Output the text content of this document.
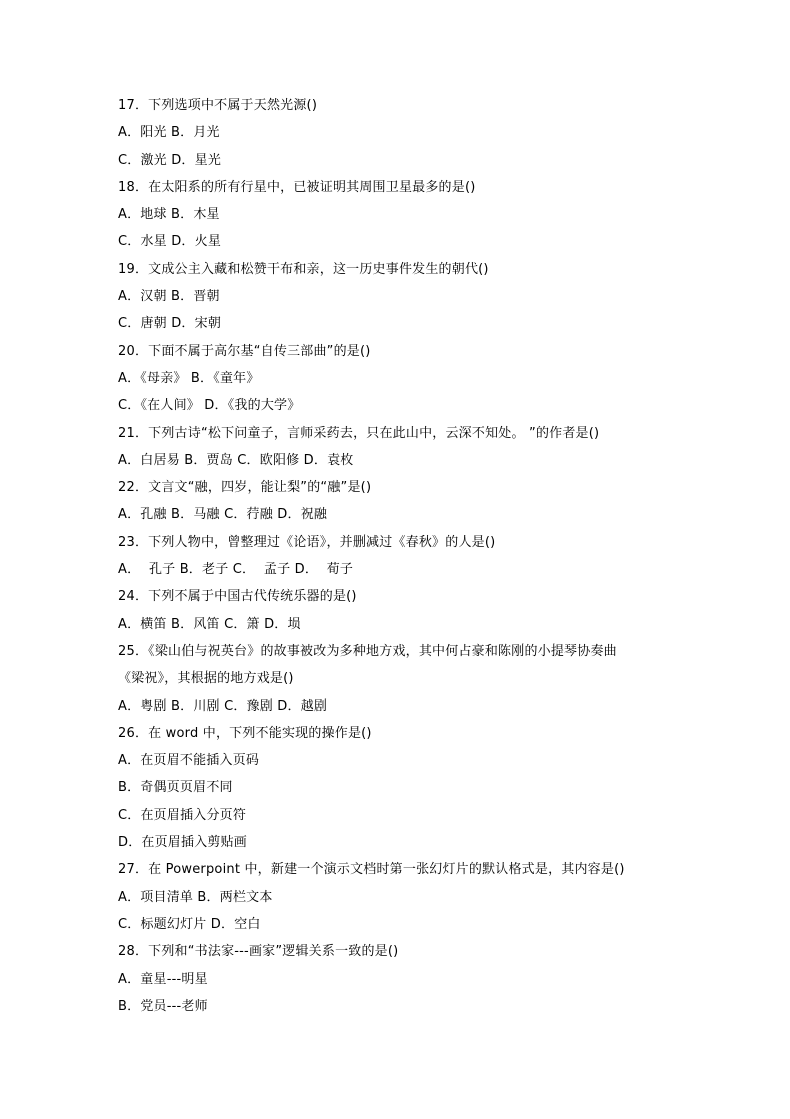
17．下列选项中不属于天然光源()
A．阳光 B．月光
C．激光 D．星光
18．在太阳系的所有行星中，已被证明其周围卫星最多的是()
A．地球 B．木星
C．水星 D．火星
19．文成公主入藏和松赞干布和亲，这一历史事件发生的朝代()
A．汉朝 B．晋朝
C．唐朝 D．宋朝
20．下面不属于高尔基“自传三部曲”的是()
A．《母亲》 B．《童年》
C．《在人间》 D．《我的大学》
21．下列古诗“松下问童子，言师采药去，只在此山中，云深不知处。 ”的作者是()
A．白居易 B．贾岛 C．欧阳修 D．袁枚
22．文言文“融，四岁，能让梨”的“融”是()
A．孔融 B．马融 C．荇融 D．祝融
23．下列人物中，曾整理过《论语》，并删减过《春秋》的人是()
A．  孔子 B．老子 C．  孟子 D．  荀子
24．下列不属于中国古代传统乐器的是()
A．横笛 B．风笛 C．箫 D．埙
25．《梁山伯与祝英台》的故事被改为多种地方戏，其中何占豪和陈刚的小提琴协奏曲
《梁祝》，其根据的地方戏是()
A．粤剧 B．川剧 C．豫剧 D．越剧
26．在 word 中，下列不能实现的操作是()
A．在页眉不能插入页码
B．奇偶页页眉不同
C．在页眉插入分页符
D．在页眉插入剪贴画
27．在 Powerpoint 中，新建一个演示文档时第一张幻灯片的默认格式是，其内容是()
A．项目清单 B．两栏文本
C．标题幻灯片 D．空白
28．下列和“书法家---画家”逻辑关系一致的是()
A．童星---明星
B．党员---老师
